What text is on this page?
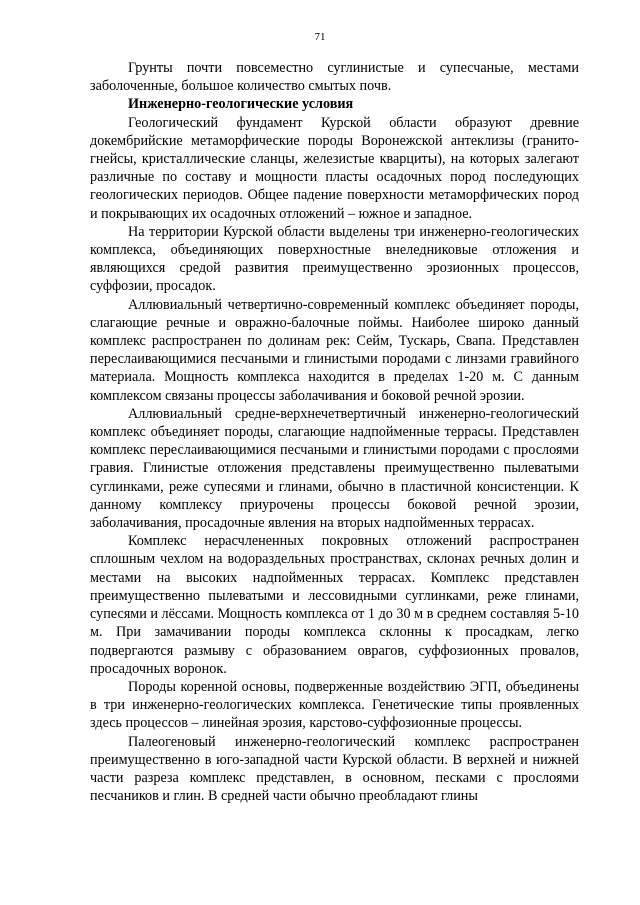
71

Грунты почти повсеместно суглинистые и супесчаные, местами заболоченные, большое количество смытых почв.

Инженерно-геологические условия

Геологический фундамент Курской области образуют древние докембрийские метаморфические породы Воронежской антеклизы (гранито-гнейсы, кристаллические сланцы, железистые кварциты), на которых залегают различные по составу и мощности пласты осадочных пород последующих геологических периодов. Общее падение поверхности метаморфических пород и покрывающих их осадочных отложений – южное и западное.

На территории Курской области выделены три инженерно-геологических комплекса, объединяющих поверхностные внеледниковые отложения и являющихся средой развития преимущественно эрозионных процессов, суффозии, просадок.

Аллювиальный четвертично-современный комплекс объединяет породы, слагающие речные и овражно-балочные поймы. Наиболее широко данный комплекс распространен по долинам рек: Сейм, Тускарь, Свапа. Представлен переслаивающимися песчаными и глинистыми породами с линзами гравийного материала. Мощность комплекса находится в пределах 1-20 м. С данным комплексом связаны процессы заболачивания и боковой речной эрозии.

Аллювиальный средне-верхнечетвертичный инженерно-геологический комплекс объединяет породы, слагающие надпойменные террасы. Представлен комплекс переслаивающимися песчаными и глинистыми породами с прослоями гравия. Глинистые отложения представлены преимущественно пылеватыми суглинками, реже супесями и глинами, обычно в пластичной консистенции. К данному комплексу приурочены процессы боковой речной эрозии, заболачивания, просадочные явления на вторых надпойменных террасах.

Комплекс нерасчлененных покровных отложений распространен сплошным чехлом на водораздельных пространствах, склонах речных долин и местами на высоких надпойменных террасах. Комплекс представлен преимущественно пылеватыми и лессовидными суглинками, реже глинами, супесями и лёссами. Мощность комплекса от 1 до 30 м в среднем составляя 5-10 м. При замачивании породы комплекса склонны к просадкам, легко подвергаются размыву с образованием оврагов, суффозионных провалов, просадочных воронок.

Породы коренной основы, подверженные воздействию ЭГП, объединены в три инженерно-геологических комплекса. Генетические типы проявленных здесь процессов – линейная эрозия, карстово-суффозионные процессы.

Палеогеновый инженерно-геологический комплекс распространен преимущественно в юго-западной части Курской области. В верхней и нижней части разреза комплекс представлен, в основном, песками с прослоями песчаников и глин. В средней части обычно преобладают глины
